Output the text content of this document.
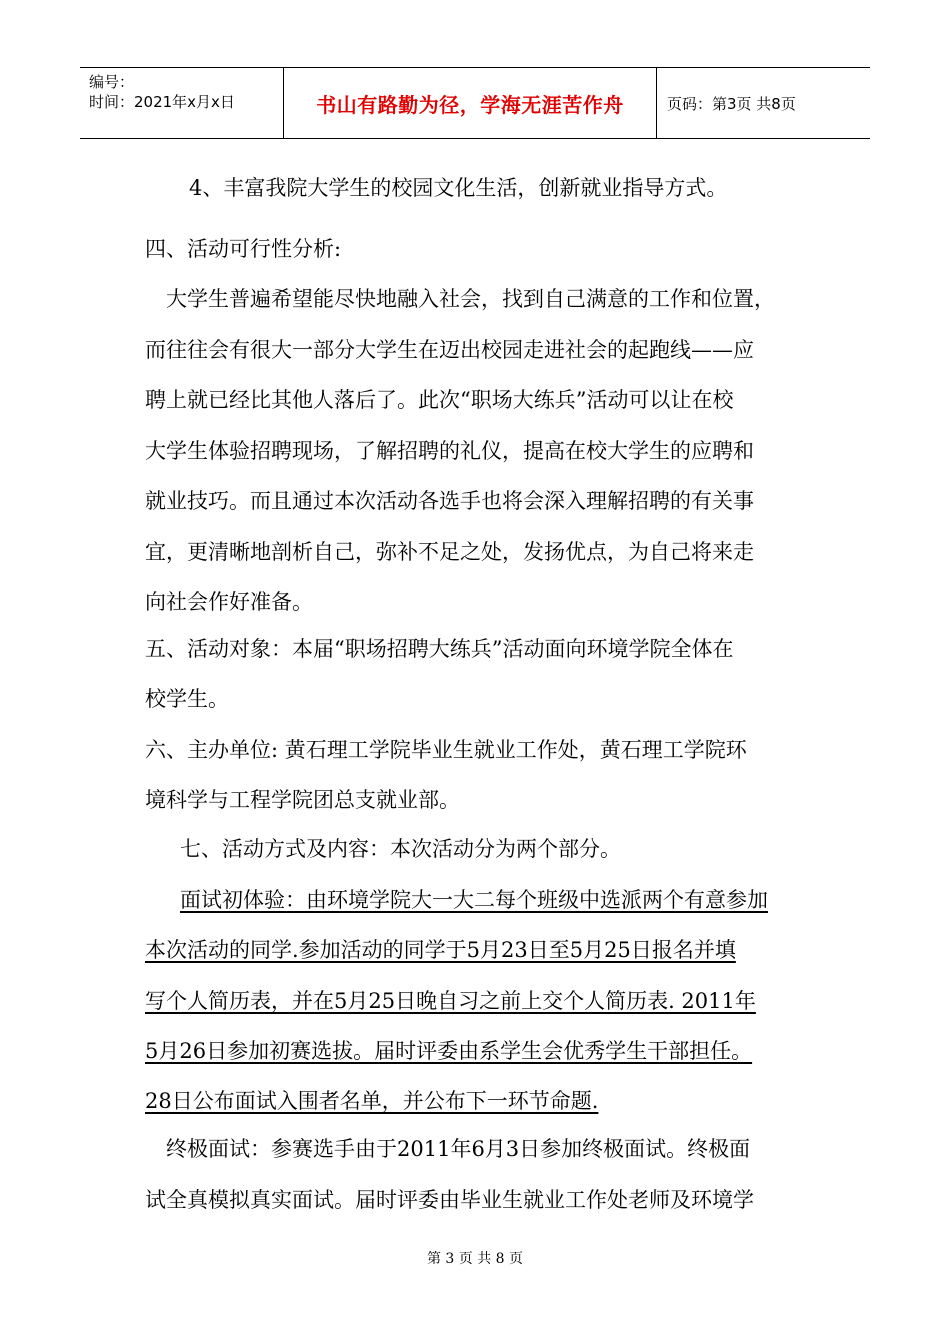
编号：
时间：2021年x月x日	书山有路勤为径，学海无涯苦作舟	页码：第3页 共8页
4、丰富我院大学生的校园文化生活，创新就业指导方式。
四、活动可行性分析:
大学生普遍希望能尽快地融入社会，找到自己满意的工作和位置，
而往往会有很大一部分大学生在迈出校园走进社会的起跑线——应
聘上就已经比其他人落后了。此次“职场大练兵”活动可以让在校
大学生体验招聘现场，了解招聘的礼仪，提高在校大学生的应聘和
就业技巧。而且通过本次活动各选手也将会深入理解招聘的有关事
宜，更清晰地剖析自己，弥补不足之处，发扬优点，为自己将来走
向社会作好准备。
五、活动对象：本届“职场招聘大练兵”活动面向环境学院全体在
校学生。
六、主办单位: 黄石理工学院毕业生就业工作处，黄石理工学院环
境科学与工程学院团总支就业部。
七、活动方式及内容：本次活动分为两个部分。
面试初体验：由环境学院大一大二每个班级中选派两个有意参加
本次活动的同学.参加活动的同学于5月23日至5月25日报名并填
写个人简历表，并在5月25日晚自习之前上交个人简历表. 2011年
5月26日参加初赛选拔。届时评委由系学生会优秀学生干部担任。
28日公布面试入围者名单，并公布下一环节命题.
终极面试：参赛选手由于2011年6月3日参加终极面试。终极面
试全真模拟真实面试。届时评委由毕业生就业工作处老师及环境学
第 3 页 共 8 页
